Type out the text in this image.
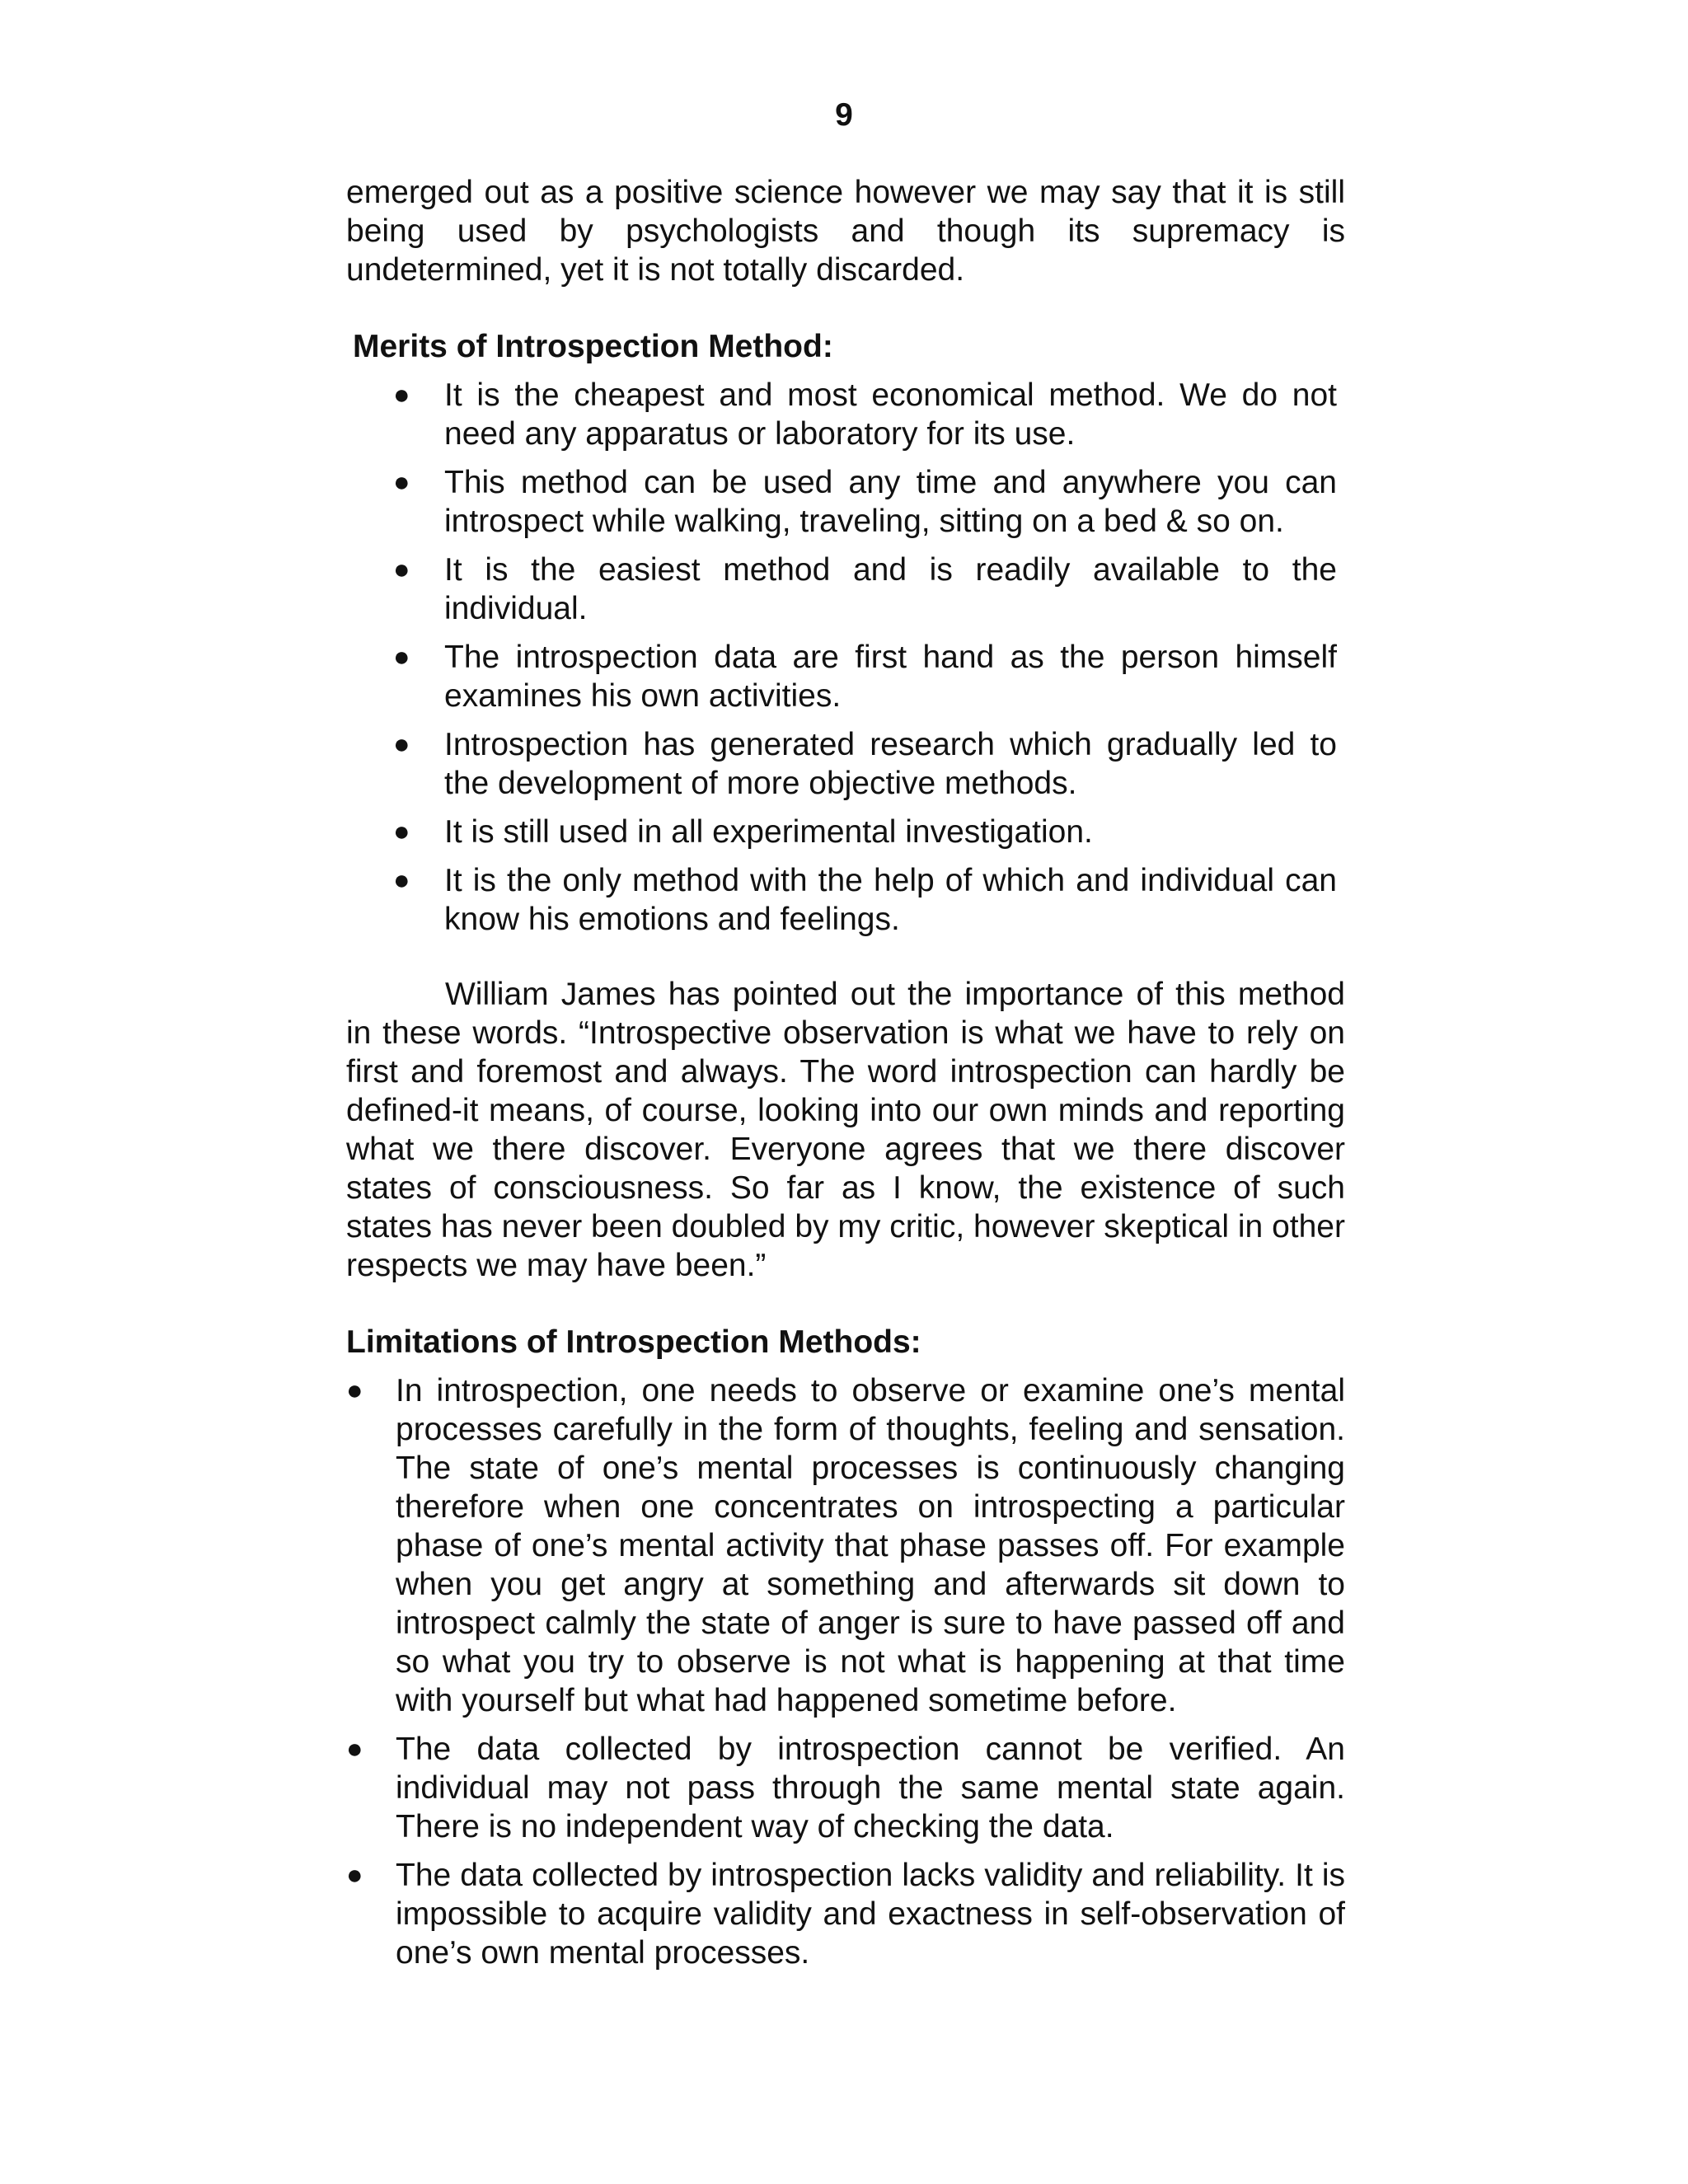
9

emerged out as a positive science however we may say that it is still being used by psychologists and though its supremacy is undetermined, yet it is not totally discarded.

Merits of Introspection Method:
● It is the cheapest and most economical method. We do not need any apparatus or laboratory for its use.
● This method can be used any time and anywhere you can introspect while walking, traveling, sitting on a bed & so on.
● It is the easiest method and is readily available to the individual.
● The introspection data are first hand as the person himself examines his own activities.
● Introspection has generated research which gradually led to the development of more objective methods.
● It is still used in all experimental investigation.
● It is the only method with the help of which and individual can know his emotions and feelings.

William James has pointed out the importance of this method in these words. “Introspective observation is what we have to rely on first and foremost and always. The word introspection can hardly be defined-it means, of course, looking into our own minds and reporting what we there discover. Everyone agrees that we there discover states of consciousness. So far as I know, the existence of such states has never been doubled by my critic, however skeptical in other respects we may have been.”

Limitations of Introspection Methods:
● In introspection, one needs to observe or examine one’s mental processes carefully in the form of thoughts, feeling and sensation. The state of one’s mental processes is continuously changing therefore when one concentrates on introspecting a particular phase of one’s mental activity that phase passes off. For example when you get angry at something and afterwards sit down to introspect calmly the state of anger is sure to have passed off and so what you try to observe is not what is happening at that time with yourself but what had happened sometime before.
● The data collected by introspection cannot be verified. An individual may not pass through the same mental state again. There is no independent way of checking the data.
● The data collected by introspection lacks validity and reliability. It is impossible to acquire validity and exactness in self-observation of one’s own mental processes.
